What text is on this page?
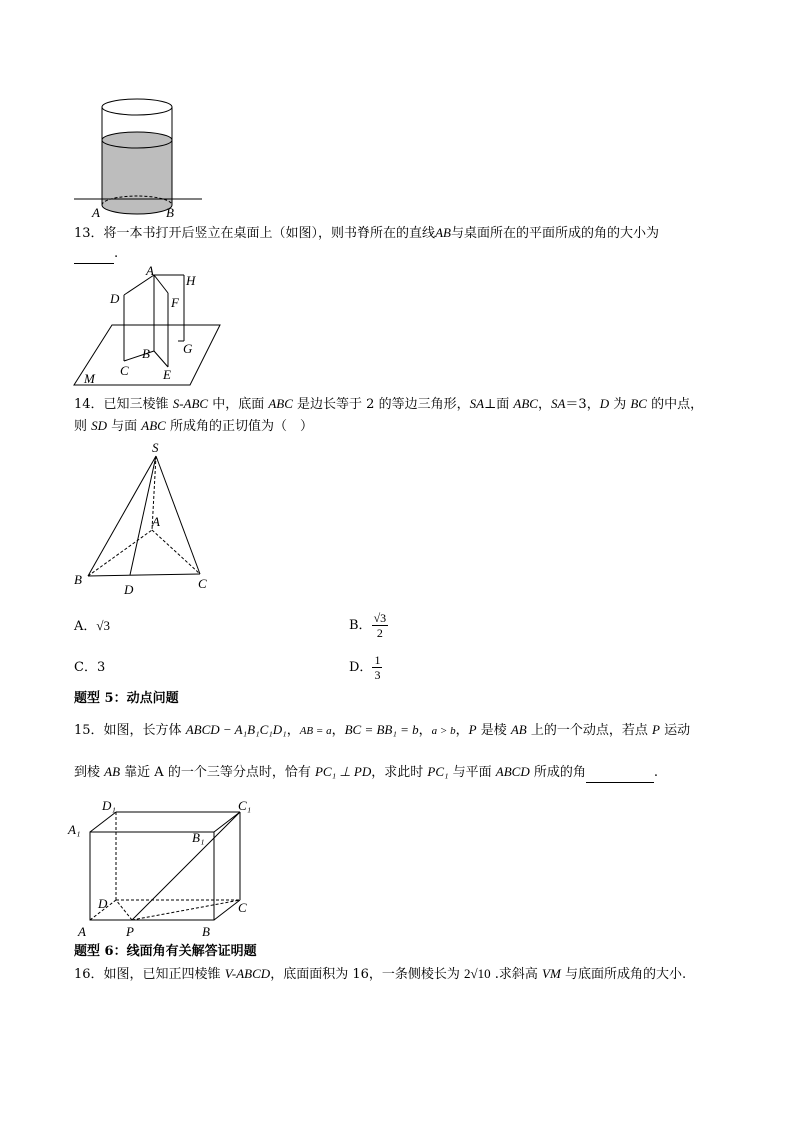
A	B
13．将一本书打开后竖立在桌面上（如图），则书脊所在的直线AB与桌面所在的平面所成的角的大小为
.
A
H
D	F
B	G
C	E
M
14．已知三棱锥 S-ABC 中，底面 ABC 是边长等于 2 的等边三角形，SA⊥面 ABC，SA＝3，D 为 BC 的中点，
则 SD 与面 ABC 所成角的正切值为（　）
S
A
B	C
D
A．√3	B． $\frac{√3}{2}$
C．3	D． $\frac{1}{3}$
题型 5：动点问题
15．如图，长方体 ABCD − A₁B₁C₁D₁，AB = a，BC = BB₁ = b，a > b，P 是棱 AB 上的一个动点，若点 P 运动
到棱 AB 靠近 A 的一个三等分点时，恰有 PC₁ ⊥ PD，求此时 PC₁ 与平面 ABCD 所成的角	.
D₁	C₁
A₁
B₁
D	C
A	P	B
题型 6：线面角有关解答证明题
16．如图，已知正四棱锥 V-ABCD，底面面积为 16，一条侧棱长为 2√10 .求斜高 VM 与底面所成角的大小.
